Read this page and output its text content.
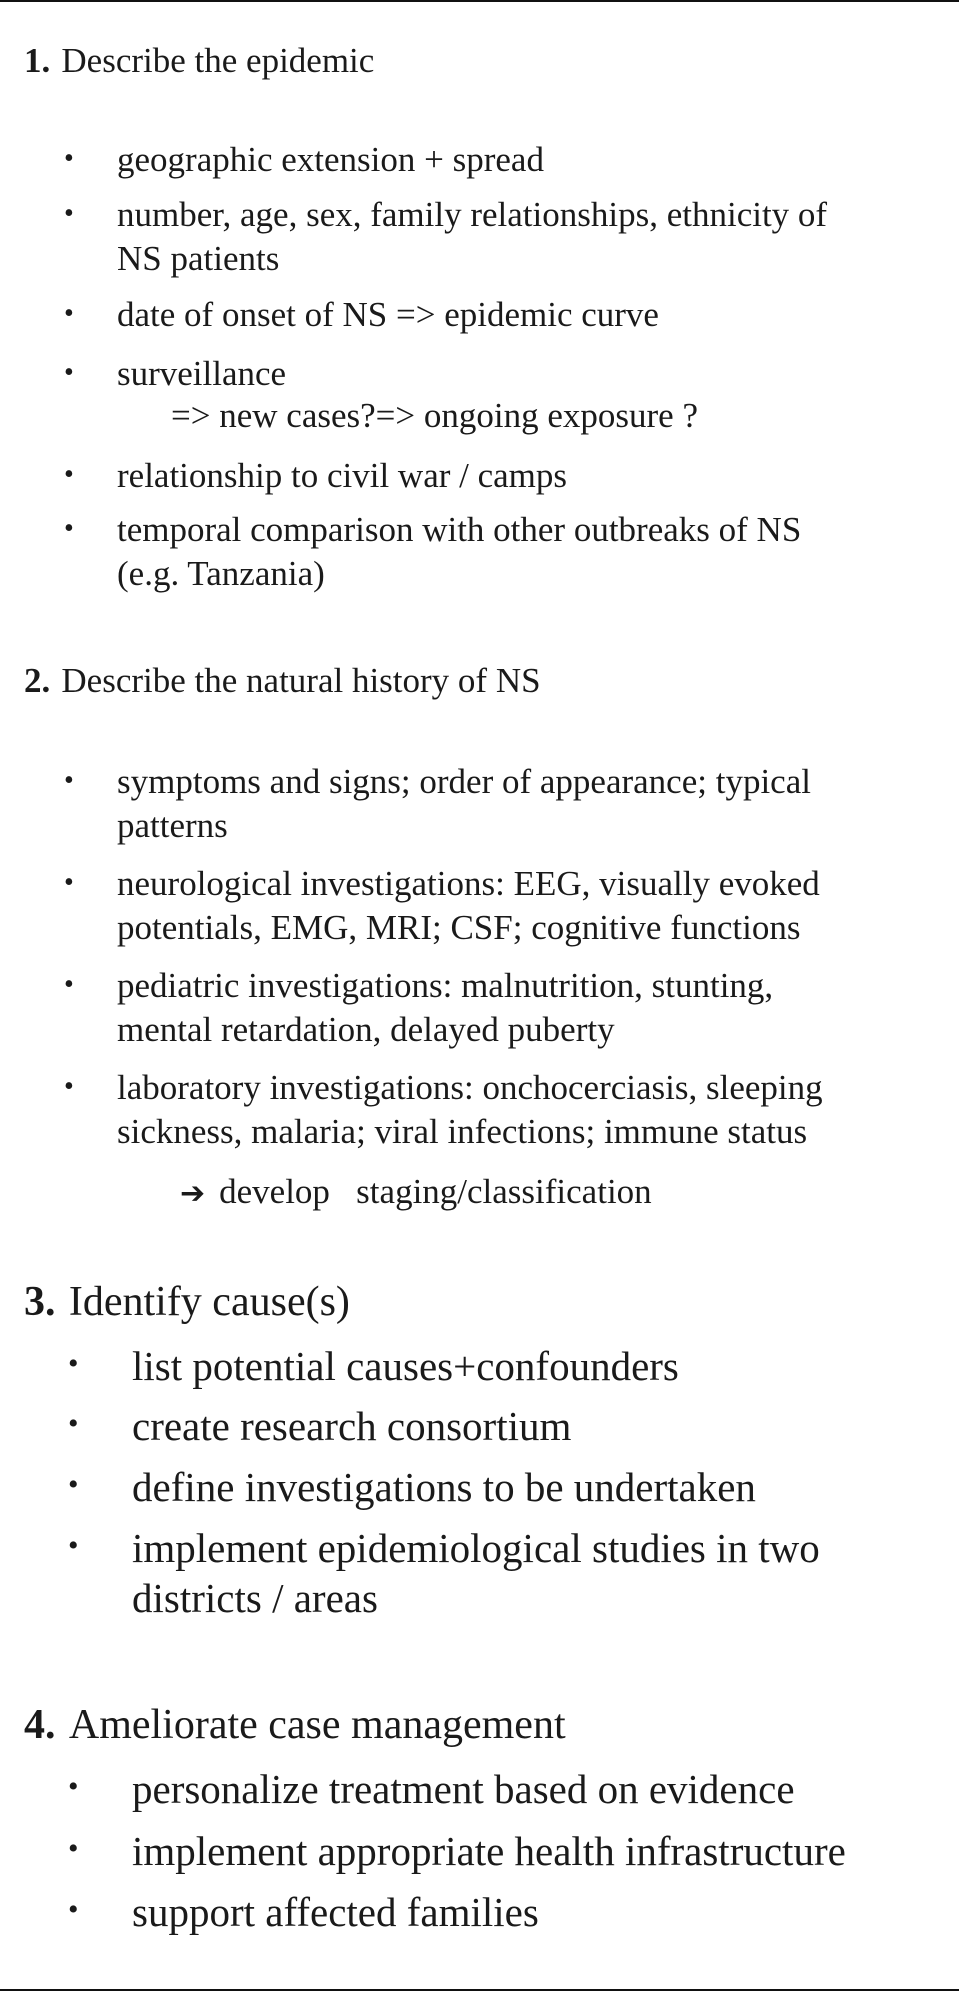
1. Describe the epidemic
• geographic extension + spread
• number, age, sex, family relationships, ethnicity of
NS patients
• date of onset of NS => epidemic curve
• surveillance
=> new cases?=> ongoing exposure ?
• relationship to civil war / camps
• temporal comparison with other outbreaks of NS
(e.g. Tanzania)
2. Describe the natural history of NS
• symptoms and signs; order of appearance; typical
patterns
• neurological investigations: EEG, visually evoked
potentials, EMG, MRI; CSF; cognitive functions
• pediatric investigations: malnutrition, stunting,
mental retardation, delayed puberty
• laboratory investigations: onchocerciasis, sleeping
sickness, malaria; viral infections; immune status
➔ develop   staging/classification
3. Identify cause(s)
• list potential causes+confounders
• create research consortium
• define investigations to be undertaken
• implement epidemiological studies in two
districts / areas
4. Ameliorate case management
• personalize treatment based on evidence
• implement appropriate health infrastructure
• support affected families
